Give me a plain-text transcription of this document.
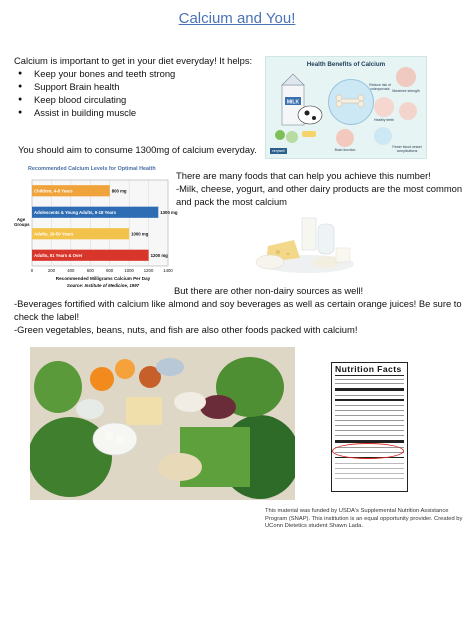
Calcium and You!
Calcium is important to get in your diet everyday! It helps:
● Keep your bones and teeth strong
● Support Brain health
● Keep blood circulating
● Assist in building muscle
You should aim to consume 1300mg of calcium everyday.
Health Benefits of Calcium
MILK
Maximize strength
Reduce risk of osteoporosis
Healthy teeth
Brain function
Fewer blood vessel complications
verywell
Recommended Calcium Levels for Optimal Health
Age Groups
0	200	400	600	800	1000 1200 1400
Children, 4-8 Years	800 mg
Adolescents & Young Adults, 9-18 Years	1300 mg
Adults, 19-50 Years	1000 mg
Adults, 51 Years & Over	1200 mg
Recommended Milligrams Calcium Per Day
Source: Institute of Medicine, 1997
There are many foods that can help you achieve this number!
-Milk, cheese, yogurt, and other dairy products are the most common and pack the most calcium
But there are other non-dairy sources as well!
-Beverages fortified with calcium like almond and soy beverages as well as certain orange juices! Be sure to check the label!
-Green vegetables, beans, nuts, and fish are also other foods packed with calcium!
Nutrition Facts
This material was funded by USDA's Supplemental Nutrition Assistance Program (SNAP). This institution is an equal opportunity provider. Created by UConn Dietetics student Shawn Lada.
